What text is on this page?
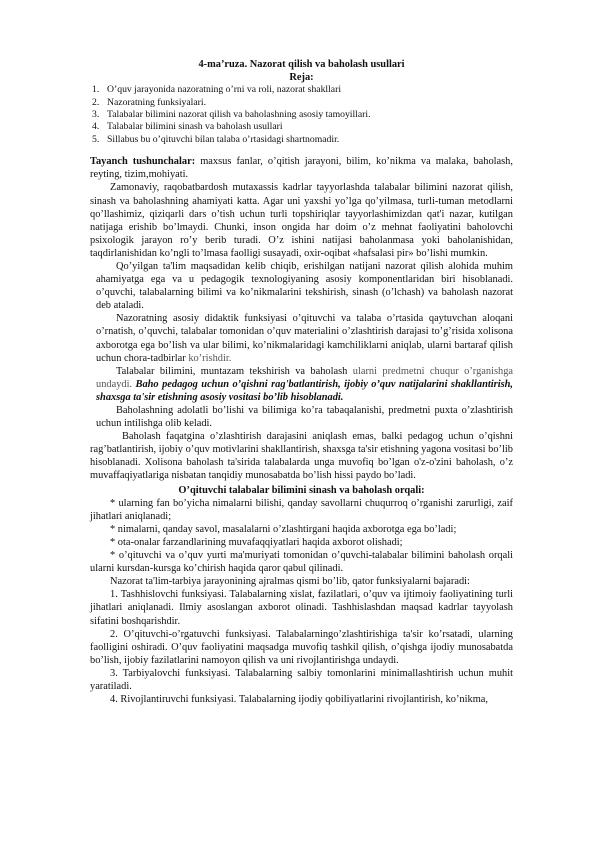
4-ma’ruza. Nazorat qilish va baholash usullari
Reja:
1. O’quv jarayonida nazoratning o’rni va roli, nazorat shakllari
2. Nazoratning funksiyalari.
3. Talabalar bilimini nazorat qilish va baholashning asosiy tamoyillari.
4. Talabalar bilimini sinash va baholash usullari
5. Sillabus bu o’qituvchi bilan talaba o’rtasidagi shartnomadir.

Tayanch tushunchalar: maxsus fanlar, o’qitish jarayoni, bilim, ko’nikma va malaka, baholash, reyting, tizim,mohiyati.

Zamonaviy, raqobatbardosh mutaxassis kadrlar tayyorlashda talabalar bilimini nazorat qilish, sinash va baholashning ahamiyati katta. Agar uni yaxshi yo’lga qo’yilmasa, turli-tuman metodlarni qo’llashimiz, qiziqarli dars o’tish uchun turli topshiriqlar tayyorlashimizdan qat'i nazar, kutilgan natijaga erishib bo’lmaydi. Chunki, inson ongida har doim o’z mehnat faoliyatini baholovchi psixologik jarayon ro’y berib turadi. O’z ishini natijasi baholanmasa yoki baholanishidan, taqdirlanishidan ko’ngli to’lmasa faolligi susayadi, oxir-oqibat «hafsalasi pir» bo’lishi mumkin.

Qo’yilgan ta'lim maqsadidan kelib chiqib, erishilgan natijani nazorat qilish alohida muhim ahamiyatga ega va u pedagogik texnologiyaning asosiy komponentlaridan biri hisoblanadi. o’quvchi, talabalarning bilimi va ko’nikmalarini tekshirish, sinash (o’lchash) va baholash nazorat deb ataladi.

Nazoratning asosiy didaktik funksiyasi o’qituvchi va talaba o’rtasida qaytuvchan aloqani o’rnatish, o’quvchi, talabalar tomonidan o’quv materialini o’zlashtirish darajasi to’g’risida xolisona axborotga ega bo’lish va ular bilimi, ko’nikmalaridagi kamchiliklarni aniqlab, ularni bartaraf qilish uchun chora-tadbirlar ko’rishdir.

Talabalar bilimini, muntazam tekshirish va baholash ularni predmetni chuqur o’rganishga undaydi. Baho pedagog uchun o’qishni rag'batlantirish, ijobiy o’quv natijalarini shakllantirish, shaxsga ta'sir etishning asosiy vositasi bo’lib hisoblanadi.

Baholashning adolatli bo’lishi va bilimiga ko’ra tabaqalanishi, predmetni puxta o’zlashtirish uchun intilishga olib keladi.

Baholash faqatgina o’zlashtirish darajasini aniqlash emas, balki pedagog uchun o’qishni rag’batlantirish, ijobiy o’quv motivlarini shakllantirish, shaxsga ta'sir etishning yagona vositasi bo’lib hisoblanadi. Xolisona baholash ta'sirida talabalarda unga muvofiq bo’lgan o'z-o'zini baholash, o’z muvaffaqiyatlariga nisbatan tanqidiy munosabatda bo’lish hissi paydo bo’ladi.

O’qituvchi talabalar bilimini sinash va baholash orqali:

* ularning fan bo’yicha nimalarni bilishi, qanday savollarni chuqurroq o’rganishi zarurligi, zaif jihatlari aniqlanadi;

* nimalarni, qanday savol, masalalarni o’zlashtirgani haqida axborotga ega bo’ladi;

* ota-onalar farzandlarining muvafaqqiyatlari haqida axborot olishadi;

* o’qituvchi va o’quv yurti ma'muriyati tomonidan o’quvchi-talabalar bilimini baholash orqali ularni kursdan-kursga ko’chirish haqida qaror qabul qilinadi.

Nazorat ta'lim-tarbiya jarayonining ajralmas qismi bo’lib, qator funksiyalarni bajaradi:

1. Tashhislovchi funksiyasi. Talabalarning xislat, fazilatlari, o’quv va ijtimoiy faoliyatining turli jihatlari aniqlanadi. Ilmiy asoslangan axborot olinadi. Tashhislashdan maqsad kadrlar tayyolash sifatini boshqarishdir.

2. O’qituvchi-o’rgatuvchi funksiyasi. Talabalarningo’zlashtirishiga ta'sir ko’rsatadi, ularning faolligini oshiradi. O’quv faoliyatini maqsadga muvofiq tashkil qilish, o’qishga ijodiy munosabatda bo’lish, ijobiy fazilatlarini namoyon qilish va uni rivojlantirishga undaydi.

3. Tarbiyalovchi funksiyasi. Talabalarning salbiy tomonlarini minimallashtirish uchun muhit yaratiladi.

4. Rivojlantiruvchi funksiyasi. Talabalarning ijodiy qobiliyatlarini rivojlantirish, ko’nikma,
